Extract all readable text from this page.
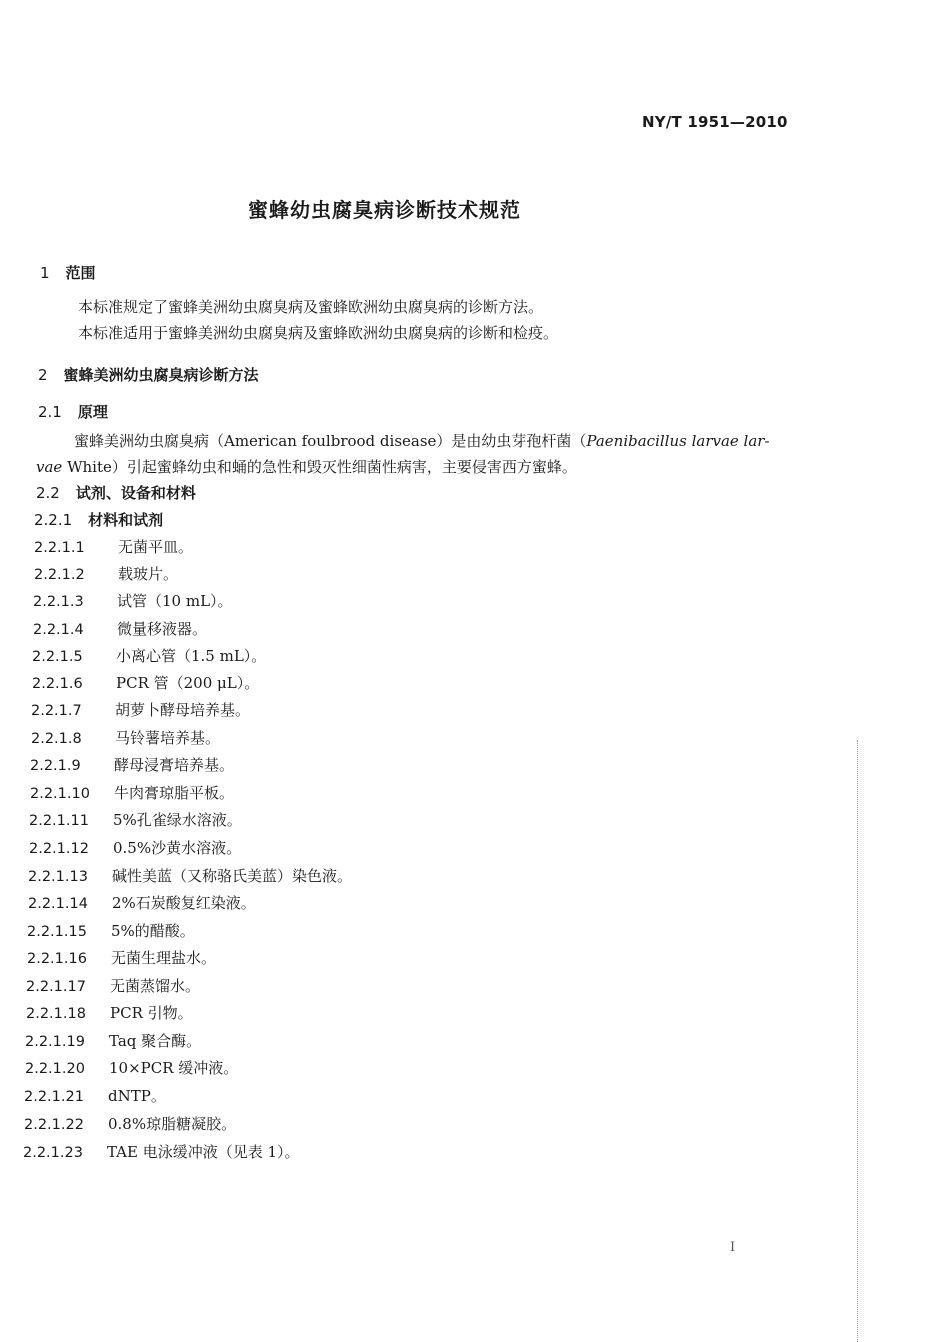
NY/T 1951—2010
蜜蜂幼虫腐臭病诊断技术规范
1 范围
本标准规定了蜜蜂美洲幼虫腐臭病及蜜蜂欧洲幼虫腐臭病的诊断方法。
本标准适用于蜜蜂美洲幼虫腐臭病及蜜蜂欧洲幼虫腐臭病的诊断和检疫。
2 蜜蜂美洲幼虫腐臭病诊断方法
2.1 原理
蜜蜂美洲幼虫腐臭病（American foulbrood disease）是由幼虫芽孢杆菌（Paenibacillus larvae lar-
vae White）引起蜜蜂幼虫和蛹的急性和毁灭性细菌性病害，主要侵害西方蜜蜂。
2.2 试剂、设备和材料
2.2.1 材料和试剂
2.2.1.1 无菌平皿。
2.2.1.2 载玻片。
2.2.1.3 试管（10 mL）。
2.2.1.4 微量移液器。
2.2.1.5 小离心管（1.5 mL）。
2.2.1.6 PCR 管（200 μL）。
2.2.1.7 胡萝卜酵母培养基。
2.2.1.8 马铃薯培养基。
2.2.1.9 酵母浸膏培养基。
2.2.1.10 牛肉膏琼脂平板。
2.2.1.11 5%孔雀绿水溶液。
2.2.1.12 0.5%沙黄水溶液。
2.2.1.13 碱性美蓝（又称骆氏美蓝）染色液。
2.2.1.14 2%石炭酸复红染液。
2.2.1.15 5%的醋酸。
2.2.1.16 无菌生理盐水。
2.2.1.17 无菌蒸馏水。
2.2.1.18 PCR 引物。
2.2.1.19 Taq 聚合酶。
2.2.1.20 10×PCR 缓冲液。
2.2.1.21 dNTP。
2.2.1.22 0.8%琼脂糖凝胶。
2.2.1.23 TAE 电泳缓冲液（见表 1）。
I
